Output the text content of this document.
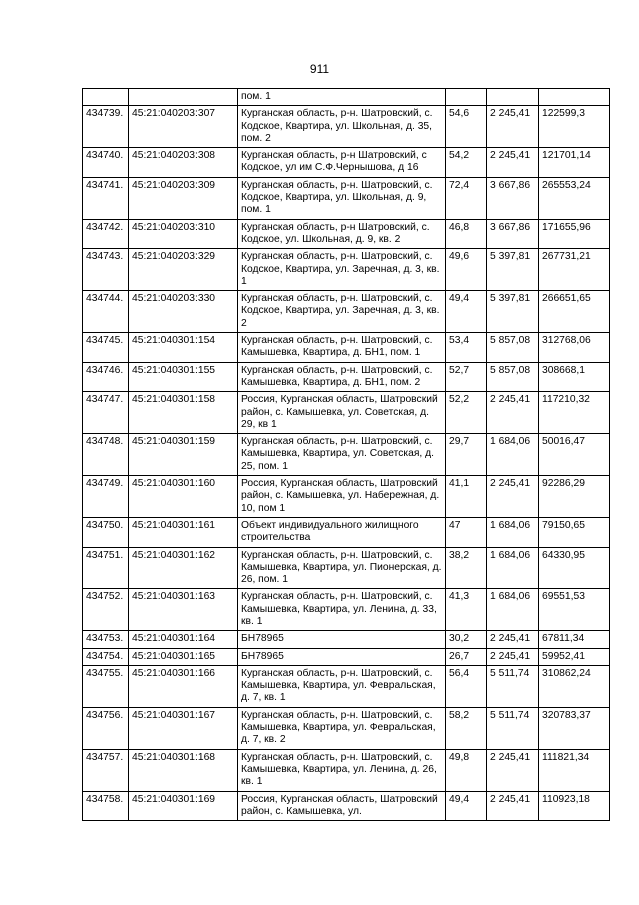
911
		пом. 1			
434739.	45:21:040203:307	Курганская область, р-н. Шатровский, с. Кодское, Квартира, ул. Школьная, д. 35, пом. 2	54,6	2 245,41	122599,3
434740.	45:21:040203:308	Курганская область, р-н Шатровский, с Кодское, ул им С.Ф.Чернышова, д 16	54,2	2 245,41	121701,14
434741.	45:21:040203:309	Курганская область, р-н. Шатровский, с. Кодское, Квартира, ул. Школьная, д. 9, пом. 1	72,4	3 667,86	265553,24
434742.	45:21:040203:310	Курганская область, р-н Шатровский, с. Кодское, ул. Школьная, д. 9, кв. 2	46,8	3 667,86	171655,96
434743.	45:21:040203:329	Курганская область, р-н. Шатровский, с. Кодское, Квартира, ул. Заречная, д. 3, кв. 1	49,6	5 397,81	267731,21
434744.	45:21:040203:330	Курганская область, р-н. Шатровский, с. Кодское, Квартира, ул. Заречная, д. 3, кв. 2	49,4	5 397,81	266651,65
434745.	45:21:040301:154	Курганская область, р-н. Шатровский, с. Камышевка, Квартира, д. БН1, пом. 1	53,4	5 857,08	312768,06
434746.	45:21:040301:155	Курганская область, р-н. Шатровский, с. Камышевка, Квартира, д. БН1, пом. 2	52,7	5 857,08	308668,1
434747.	45:21:040301:158	Россия, Курганская область, Шатровский район, с. Камышевка, ул. Советская, д. 29, кв 1	52,2	2 245,41	117210,32
434748.	45:21:040301:159	Курганская область, р-н. Шатровский, с. Камышевка, Квартира, ул. Советская, д. 25, пом. 1	29,7	1 684,06	50016,47
434749.	45:21:040301:160	Россия, Курганская область, Шатровский район, с. Камышевка, ул. Набережная, д. 10, пом 1	41,1	2 245,41	92286,29
434750.	45:21:040301:161	Объект индивидуального жилищного строительства	47	1 684,06	79150,65
434751.	45:21:040301:162	Курганская область, р-н. Шатровский, с. Камышевка, Квартира, ул. Пионерская, д. 26, пом. 1	38,2	1 684,06	64330,95
434752.	45:21:040301:163	Курганская область, р-н. Шатровский, с. Камышевка, Квартира, ул. Ленина, д. 33, кв. 1	41,3	1 684,06	69551,53
434753.	45:21:040301:164	БН78965	30,2	2 245,41	67811,34
434754.	45:21:040301:165	БН78965	26,7	2 245,41	59952,41
434755.	45:21:040301:166	Курганская область, р-н. Шатровский, с. Камышевка, Квартира, ул. Февральская, д. 7, кв. 1	56,4	5 511,74	310862,24
434756.	45:21:040301:167	Курганская область, р-н. Шатровский, с. Камышевка, Квартира, ул. Февральская, д. 7, кв. 2	58,2	5 511,74	320783,37
434757.	45:21:040301:168	Курганская область, р-н. Шатровский, с. Камышевка, Квартира, ул. Ленина, д. 26, кв. 1	49,8	2 245,41	111821,34
434758.	45:21:040301:169	Россия, Курганская область, Шатровский район, с. Камышевка, ул.	49,4	2 245,41	110923,18
